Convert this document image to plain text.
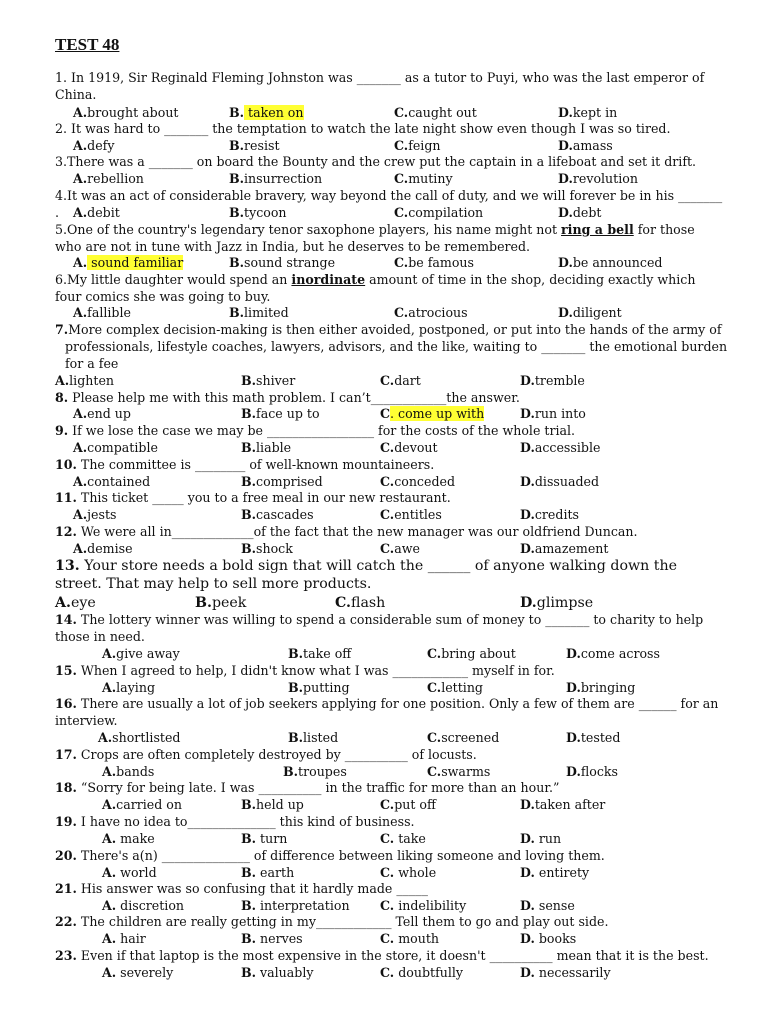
TEST 48
1. In 1919, Sir Reginald Fleming Johnston was _______ as a tutor to Puyi, who was the last emperor of China.
A.brought about	B. taken on	C.caught out	D.kept in
2. It was hard to _______ the temptation to watch the late night show even though I was so tired.
A.defy	B.resist	C.feign	D.amass
3.There was a _______ on board the Bounty and the crew put the captain in a lifeboat and set it drift.
A.rebellion	B.insurrection	C.mutiny	D.revolution
4.It was an act of considerable bravery, way beyond the call of duty, and we will forever be in his _______ .	A.debit	B.tycoon	C.compilation	D.debt
5.One of the country's legendary tenor saxophone players, his name might not ring a bell for those who are not in tune with Jazz in India, but he deserves to be remembered.
A. sound familiar	B.sound strange	C.be famous	D.be announced
6.My little daughter would spend an inordinate amount of time in the shop, deciding exactly which four comics she was going to buy.
A.fallible	B.limited	C.atrocious	D.diligent
7.More complex decision-making is then either avoided, postponed, or put into the hands of the army of professionals, lifestyle coaches, lawyers, advisors, and the like, waiting to _______ the emotional burden for a fee
A.lighten	B.shiver	C.dart	D.tremble
8. Please help me with this math problem. I can’t____________the answer.
A.end up	B.face up to	C. come up with	D.run into
9. If we lose the case we may be _________________ for the costs of the whole trial.
A.compatible	B.liable	C.devout	D.accessible
10. The committee is ________ of well-known mountaineers.
A.contained	B.comprised	C.conceded	D.dissuaded
11. This ticket _____ you to a free meal in our new restaurant.
A.jests	B.cascades	C.entitles	D.credits
12. We were all in_____________of the fact that the new manager was our oldfriend Duncan.
A.demise	B.shock	C.awe	D.amazement
13. Your store needs a bold sign that will catch the ______ of anyone walking down the street. That may help to sell more products.
A.eye	B.peek	C.flash	D.glimpse
14. The lottery winner was willing to spend a considerable sum of money to _______ to charity to help those in need.
A.give away	B.take off	C.bring about	D.come across
15. When I agreed to help, I didn't know what I was ____________ myself in for.
A.laying	B.putting	C.letting	D.bringing
16. There are usually a lot of job seekers applying for one position. Only a few of them are ______ for an interview.
A.shortlisted	B.listed	C.screened	D.tested
17. Crops are often completely destroyed by __________ of locusts.
A.bands	B.troupes	C.swarms	D.flocks
18. “Sorry for being late. I was __________ in the traffic for more than an hour.”
A.carried on	B.held up	C.put off	D.taken after
19. I have no idea to______________ this kind of business.
A. make	B. turn	C. take	D. run
20. There's a(n) ______________ of difference between liking someone and loving them.
A. world	B. earth	C. whole	D. entirety
21. His answer was so confusing that it hardly made _____
A. discretion	B. interpretation C. indelibility	D. sense
22. The children are really getting in my____________ Tell them to go and play out side.
A. hair	B. nerves	C. mouth	D. books
23. Even if that laptop is the most expensive in the store, it doesn't __________ mean that it is the best.
A. severely	B. valuably	C. doubtfully	D. necessarily
